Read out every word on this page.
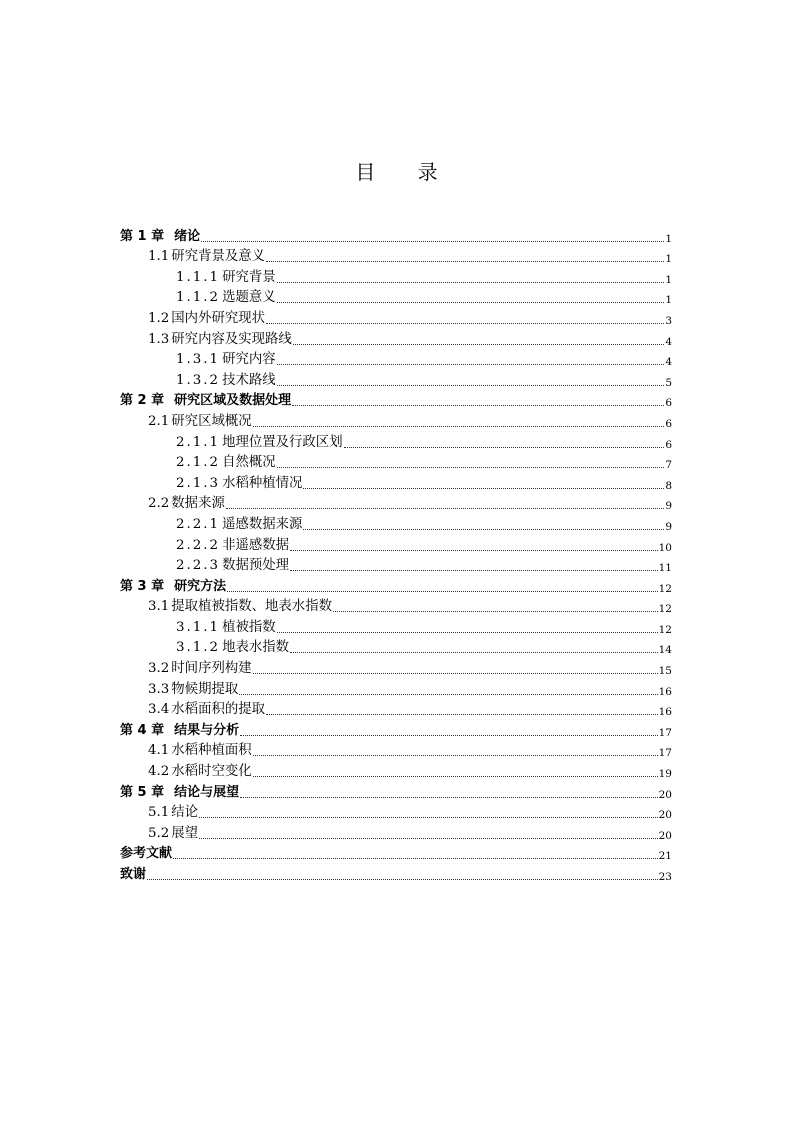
目 录
第 1 章 绪论	1
1.1 研究背景及意义	1
1.1.1 研究背景	1
1.1.2 选题意义	1
1.2 国内外研究现状	3
1.3 研究内容及实现路线	4
1.3.1 研究内容	4
1.3.2 技术路线	5
第 2 章 研究区域及数据处理	6
2.1 研究区域概况	6
2.1.1 地理位置及行政区划	6
2.1.2 自然概况	7
2.1.3 水稻种植情况	8
2.2 数据来源	9
2.2.1 遥感数据来源	9
2.2.2 非遥感数据	10
2.2.3 数据预处理	11
第 3 章 研究方法	12
3.1 提取植被指数、地表水指数	12
3.1.1 植被指数	12
3.1.2 地表水指数	14
3.2 时间序列构建	15
3.3 物候期提取	16
3.4 水稻面积的提取	16
第 4 章 结果与分析	17
4.1 水稻种植面积	17
4.2 水稻时空变化	19
第 5 章 结论与展望	20
5.1 结论	20
5.2 展望	20
参考文献	21
致谢	23
